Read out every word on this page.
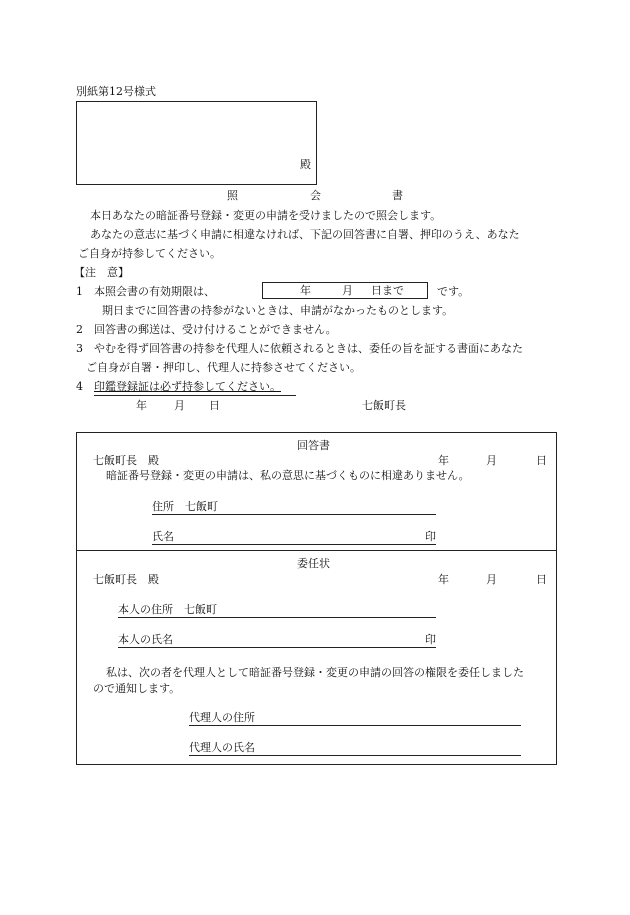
別紙第12号様式
殿
照	会	書
本日あなたの暗証番号登録・変更の申請を受けましたので照会します。
あなたの意志に基づく申請に相違なければ、下記の回答書に自署、押印のうえ、あなた
ご自身が持参してください。
【注　意】
1 本照会書の有効期限は、	年	月 日まで	です。
期日までに回答書の持参がないときは、申請がなかったものとします。
2 回答書の郵送は、受け付けることができません。
3 やむを得ず回答書の持参を代理人に依頼されるときは、委任の旨を証する書面にあなた
ご自身が自署・押印し、代理人に持参させてください。
4 印鑑登録証は必ず持参してください。
年 月 日	七飯町長
回答書
七飯町長　殿	年	月	日
暗証番号登録・変更の申請は、私の意思に基づくものに相違ありません。
住所　七飯町
氏名	印
委任状
七飯町長　殿	年	月	日
本人の住所　七飯町
本人の氏名	印
私は、次の者を代理人として暗証番号登録・変更の申請の回答の権限を委任しました
ので通知します。
代理人の住所
代理人の氏名
